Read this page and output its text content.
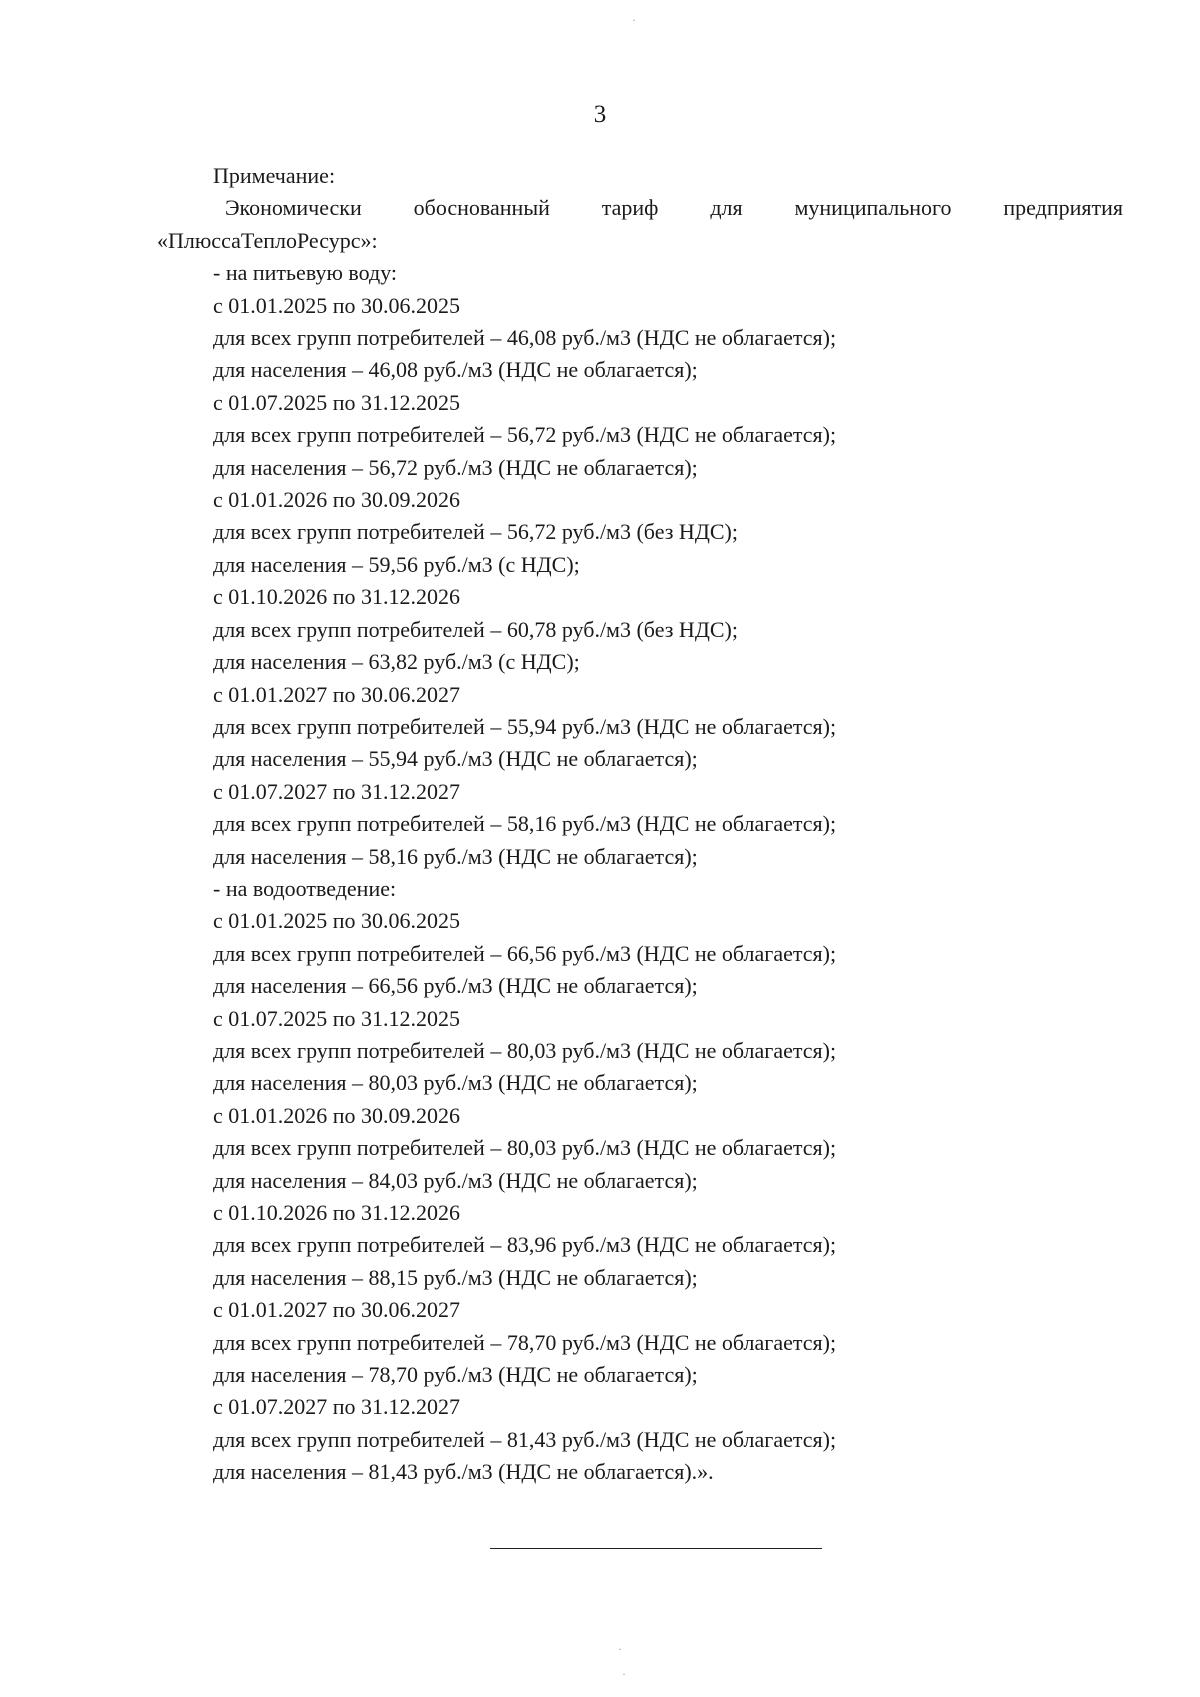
3

Примечание:

Экономически обоснованный тариф для муниципального предприятия

«ПлюссаТеплоРесурс»:

- на питьевую воду:

с 01.01.2025 по 30.06.2025

для всех групп потребителей – 46,08 руб./м3 (НДС не облагается);

для населения – 46,08 руб./м3 (НДС не облагается);

с 01.07.2025 по 31.12.2025

для всех групп потребителей – 56,72 руб./м3 (НДС не облагается);

для населения – 56,72 руб./м3 (НДС не облагается);

с 01.01.2026 по 30.09.2026

для всех групп потребителей – 56,72 руб./м3 (без НДС);

для населения – 59,56 руб./м3 (с НДС);

с 01.10.2026 по 31.12.2026

для всех групп потребителей – 60,78 руб./м3 (без НДС);

для населения – 63,82 руб./м3 (с НДС);

с 01.01.2027 по 30.06.2027

для всех групп потребителей – 55,94 руб./м3 (НДС не облагается);

для населения – 55,94 руб./м3 (НДС не облагается);

с 01.07.2027 по 31.12.2027

для всех групп потребителей – 58,16 руб./м3 (НДС не облагается);

для населения – 58,16 руб./м3 (НДС не облагается);

- на водоотведение:

с 01.01.2025 по 30.06.2025

для всех групп потребителей – 66,56 руб./м3 (НДС не облагается);

для населения – 66,56 руб./м3 (НДС не облагается);

с 01.07.2025 по 31.12.2025

для всех групп потребителей – 80,03 руб./м3 (НДС не облагается);

для населения – 80,03 руб./м3 (НДС не облагается);

с 01.01.2026 по 30.09.2026

для всех групп потребителей – 80,03 руб./м3 (НДС не облагается);

для населения – 84,03 руб./м3 (НДС не облагается);

с 01.10.2026 по 31.12.2026

для всех групп потребителей – 83,96 руб./м3 (НДС не облагается);

для населения – 88,15 руб./м3 (НДС не облагается);

с 01.01.2027 по 30.06.2027

для всех групп потребителей – 78,70 руб./м3 (НДС не облагается);

для населения – 78,70 руб./м3 (НДС не облагается);

с 01.07.2027 по 31.12.2027

для всех групп потребителей – 81,43 руб./м3 (НДС не облагается);

для населения – 81,43 руб./м3 (НДС не облагается).».

·
·
·
